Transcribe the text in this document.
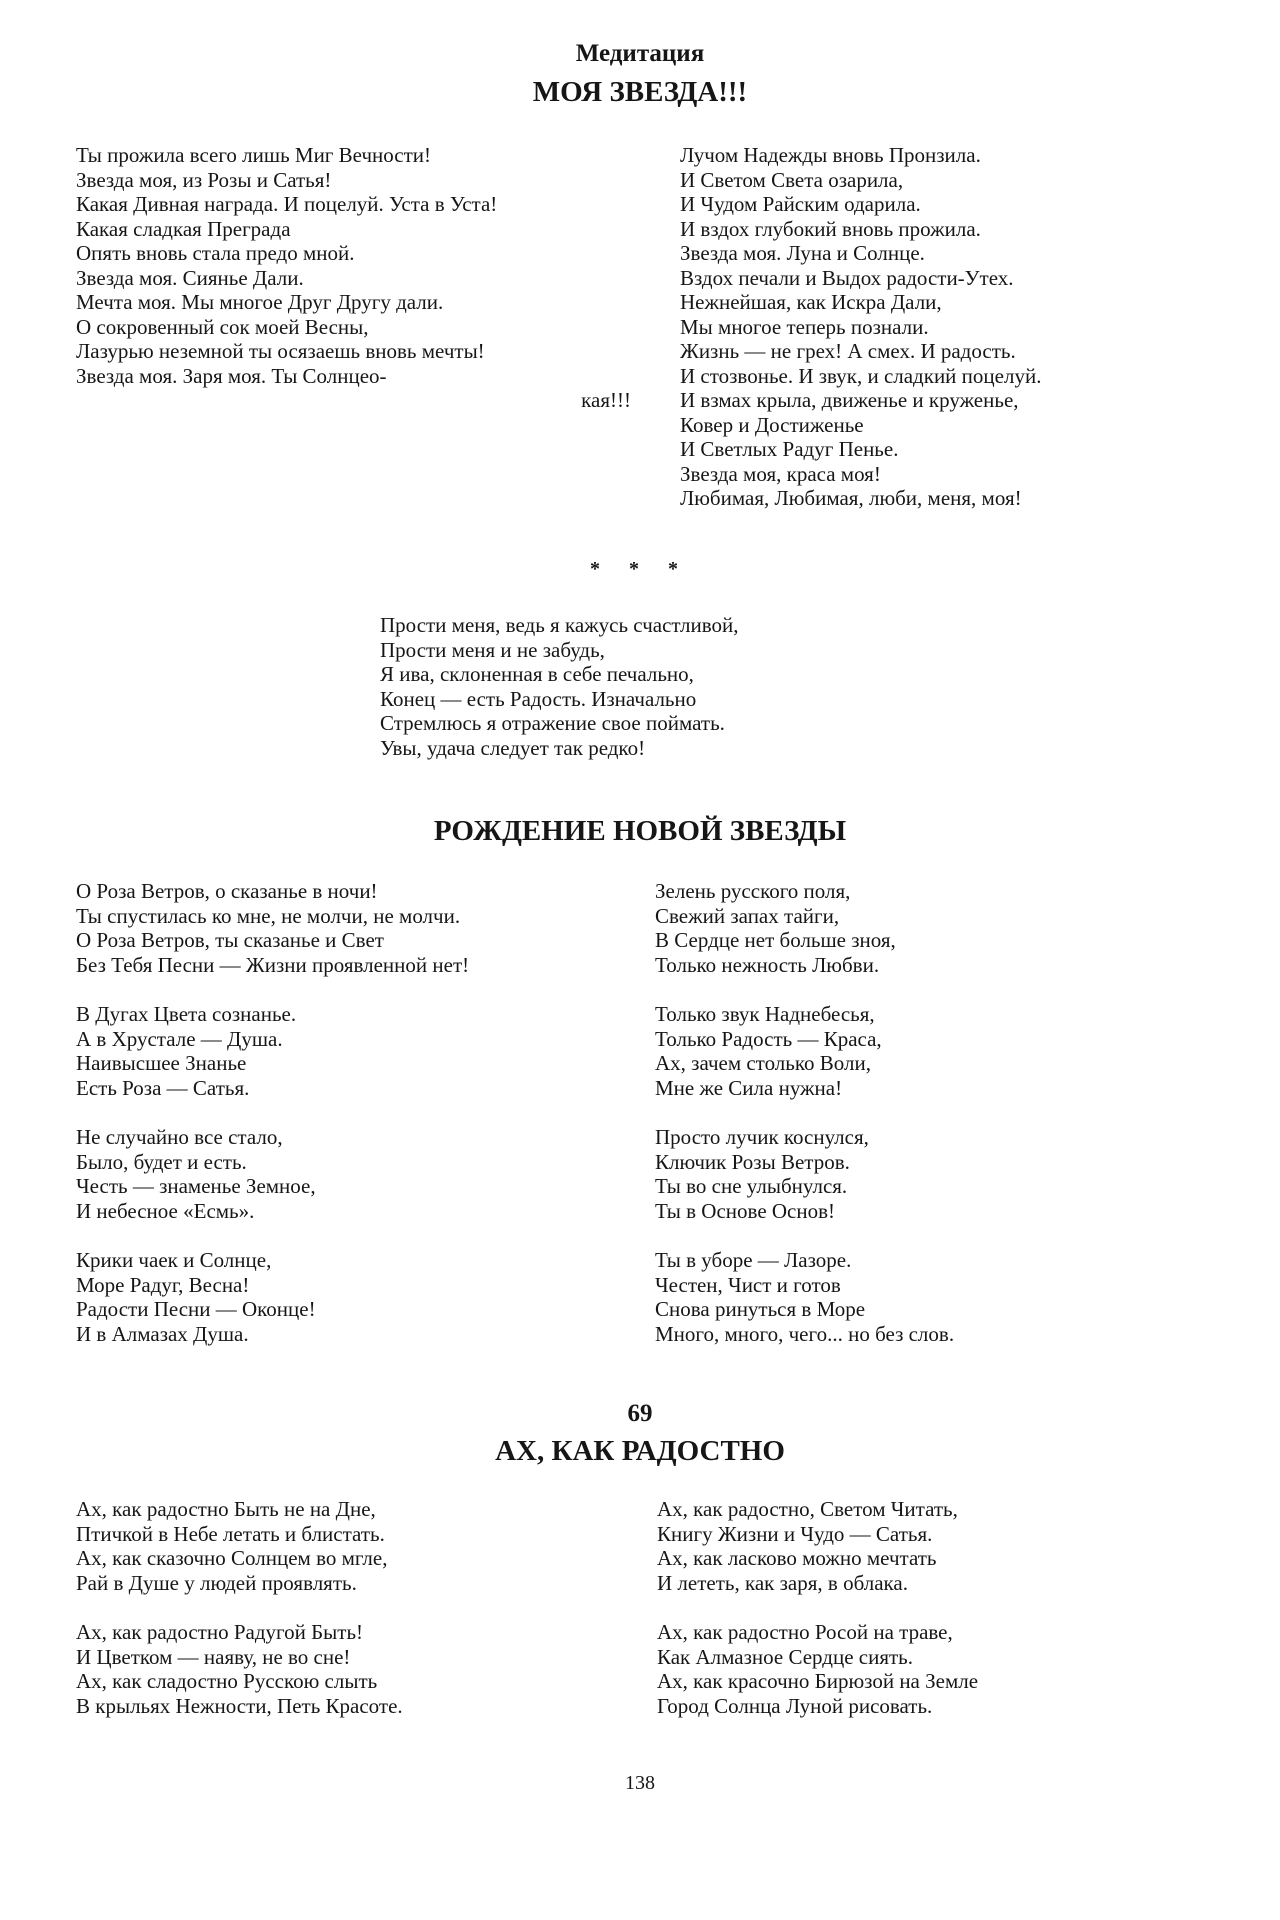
Медитация
МОЯ ЗВЕЗДА!!!
Ты прожила всего лишь Миг Вечности!
Звезда моя, из Розы и Сатья!
Какая Дивная награда. И поцелуй. Уста в Уста!
Какая сладкая Преграда
Опять вновь стала предо мной.
Звезда моя. Сиянье Дали.
Мечта моя. Мы многое Друг Другу дали.
О сокровенный сок моей Весны,
Лазурью неземной ты осязаешь вновь мечты!
Звезда моя. Заря моя. Ты Солнцео-
кая!!!
Лучом Надежды вновь Пронзила.
И Светом Света озарила,
И Чудом Райским одарила.
И вздох глубокий вновь прожила.
Звезда моя. Луна и Солнце.
Вздох печали и Выдох радости-Утех.
Нежнейшая, как Искра Дали,
Мы многое теперь познали.
Жизнь — не грех! А смех. И радость.
И стозвонье. И звук, и сладкий поцелуй.
И взмах крыла, движенье и круженье,
Ковер и Достиженье
И Светлых Радуг Пенье.
Звезда моя, краса моя!
Любимая, Любимая, люби, меня, моя!
* * *
Прости меня, ведь я кажусь счастливой,
Прости меня и не забудь,
Я ива, склоненная в себе печально,
Конец — есть Радость. Изначально
Стремлюсь я отражение свое поймать.
Увы, удача следует так редко!
РОЖДЕНИЕ НОВОЙ ЗВЕЗДЫ
О Роза Ветров, о сказанье в ночи!
Ты спустилась ко мне, не молчи, не молчи.
О Роза Ветров, ты сказанье и Свет
Без Тебя Песни — Жизни проявленной нет!
В Дугах Цвета сознанье.
А в Хрустале — Душа.
Наивысшее Знанье
Есть Роза — Сатья.
Не случайно все стало,
Было, будет и есть.
Честь — знаменье Земное,
И небесное «Есмь».
Крики чаек и Солнце,
Море Радуг, Весна!
Радости Песни — Оконце!
И в Алмазах Душа.
Зелень русского поля,
Свежий запах тайги,
В Сердце нет больше зноя,
Только нежность Любви.
Только звук Наднебесья,
Только Радость — Краса,
Ах, зачем столько Воли,
Мне же Сила нужна!
Просто лучик коснулся,
Ключик Розы Ветров.
Ты во сне улыбнулся.
Ты в Основе Основ!
Ты в уборе — Лазоре.
Честен, Чист и готов
Снова ринуться в Море
Много, много, чего... но без слов.
69
АХ, КАК РАДОСТНО
Ах, как радостно Быть не на Дне,
Птичкой в Небе летать и блистать.
Ах, как сказочно Солнцем во мгле,
Рай в Душе у людей проявлять.
Ах, как радостно Радугой Быть!
И Цветком — наяву, не во сне!
Ах, как сладостно Русскою слыть
В крыльях Нежности, Петь Красоте.
Ах, как радостно, Светом Читать,
Книгу Жизни и Чудо — Сатья.
Ах, как ласково можно мечтать
И лететь, как заря, в облака.
Ах, как радостно Росой на траве,
Как Алмазное Сердце сиять.
Ах, как красочно Бирюзой на Земле
Город Солнца Луной рисовать.
138
